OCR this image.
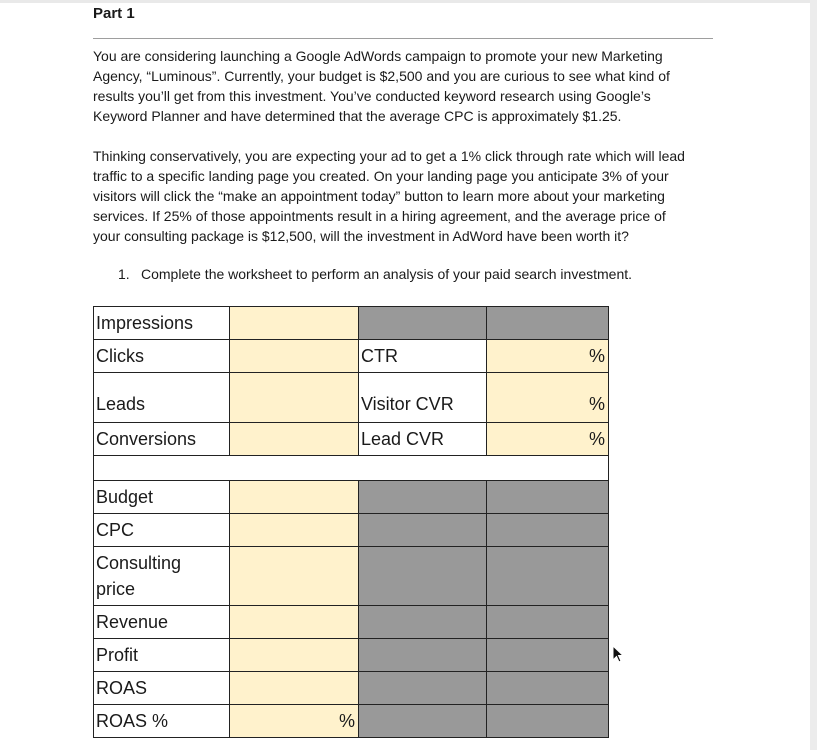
Part 1

You are considering launching a Google AdWords campaign to promote your new Marketing
Agency, “Luminous”. Currently, your budget is $2,500 and you are curious to see what kind of
results you’ll get from this investment. You’ve conducted keyword research using Google’s
Keyword Planner and have determined that the average CPC is approximately $1.25.

Thinking conservatively, you are expecting your ad to get a 1% click through rate which will lead
traffic to a specific landing page you created. On your landing page you anticipate 3% of your
visitors will click the “make an appointment today” button to learn more about your marketing
services. If 25% of those appointments result in a hiring agreement, and the average price of
your consulting package is $12,500, will the investment in AdWord have been worth it?

1. Complete the worksheet to perform an analysis of your paid search investment.

Impressions			
Clicks		CTR	%
Leads		Visitor CVR	%
Conversions		Lead CVR	%

Budget			
CPC			
Consulting
price			
Revenue			
Profit			
ROAS			
ROAS %	%		
